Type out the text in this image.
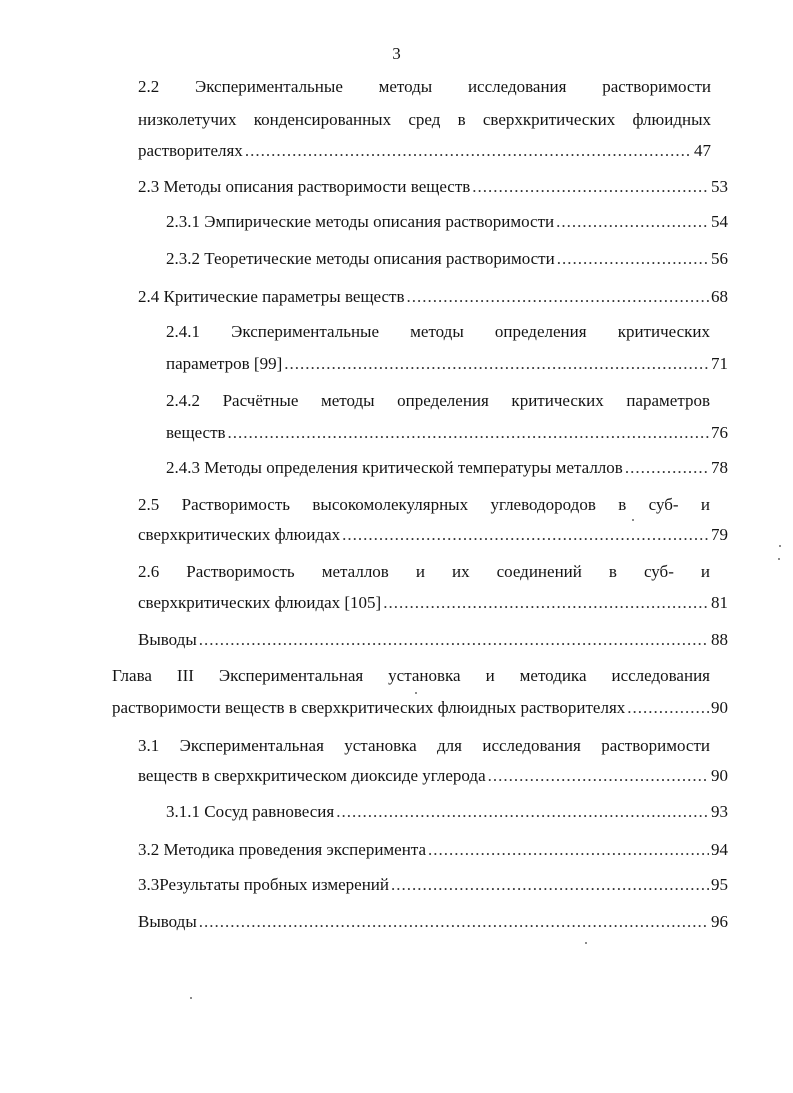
3
2.2 Экспериментальные методы исследования растворимости
низколетучих конденсированных сред в сверхкритических флюидных
растворителях .....	47
2.3 Методы описания растворимости веществ .....	53
2.3.1 Эмпирические методы описания растворимости .....	54
2.3.2 Теоретические методы описания растворимости .....	56
2.4 Критические параметры веществ .....	68
2.4.1 Экспериментальные методы определения критических
параметров [99] .....	71
2.4.2 Расчётные методы определения критических параметров
веществ .....	76
2.4.3 Методы определения критической температуры металлов .....	78
2.5 Растворимость высокомолекулярных углеводородов в суб- и
сверхкритических флюидах .....	79
2.6 Растворимость металлов и их соединений в суб- и
сверхкритических флюидах [105] .....	81
Выводы .....	88
Глава III Экспериментальная установка и методика исследования
растворимости веществ в сверхкритических флюидных растворителях .....	90
3.1 Экспериментальная установка для исследования растворимости
веществ в сверхкритическом диоксиде углерода .....	90
3.1.1 Сосуд равновесия .....	93
3.2 Методика проведения эксперимента .....	94
3.3Результаты пробных измерений .....	95
Выводы .....	96
